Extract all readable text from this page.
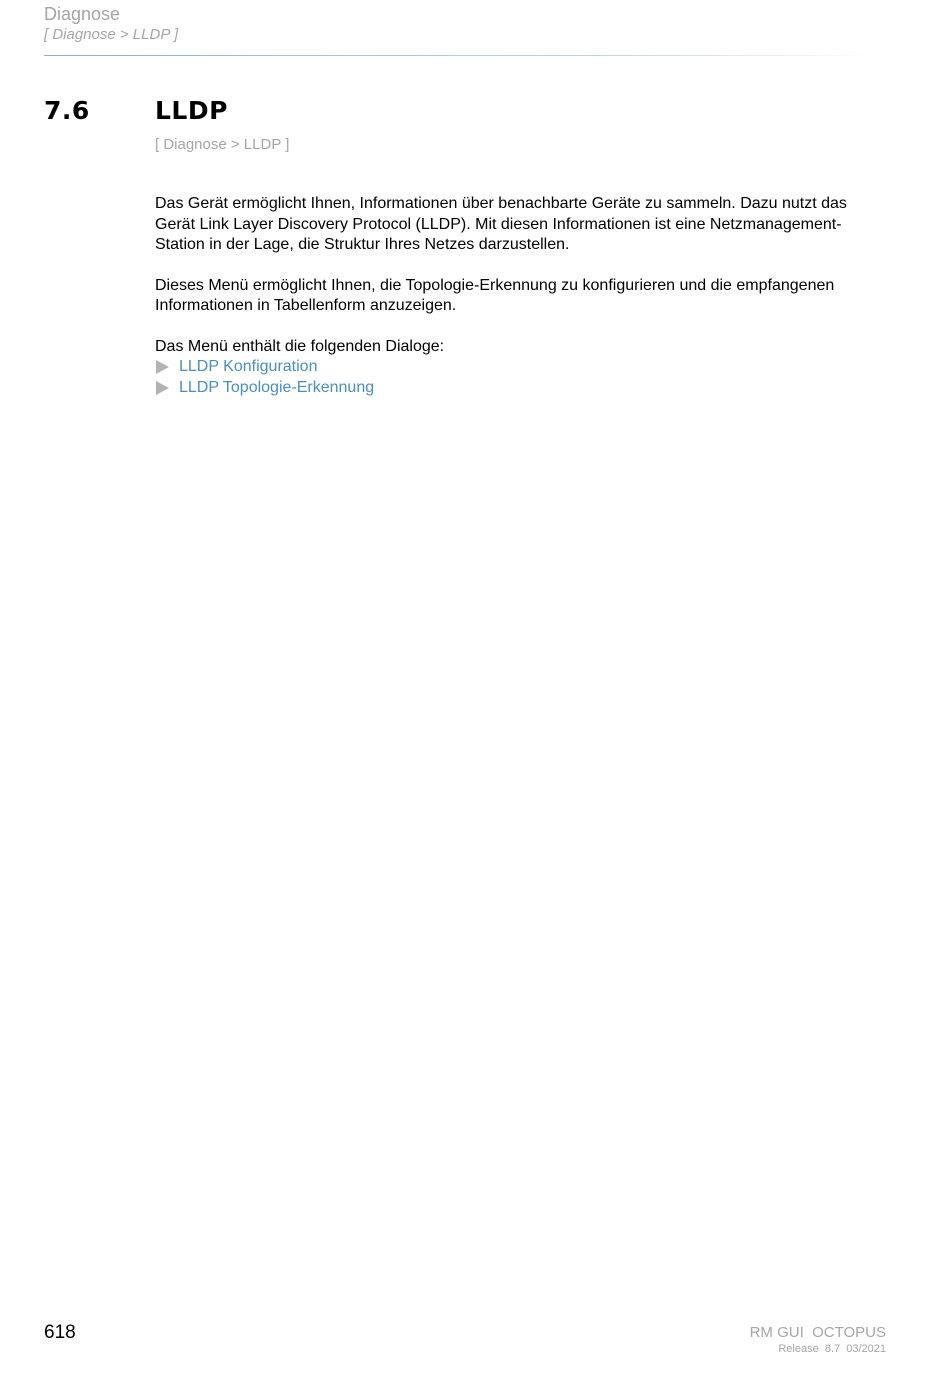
Diagnose
[ Diagnose > LLDP ]
7.6	LLDP
[ Diagnose > LLDP ]

Das Gerät ermöglicht Ihnen, Informationen über benachbarte Geräte zu sammeln. Dazu nutzt das Gerät Link Layer Discovery Protocol (LLDP). Mit diesen Informationen ist eine Netzmanagement-Station in der Lage, die Struktur Ihres Netzes darzustellen.

Dieses Menü ermöglicht Ihnen, die Topologie-Erkennung zu konfigurieren und die empfangenen Informationen in Tabellenform anzuzeigen.

Das Menü enthält die folgenden Dialoge:

LLDP Konfiguration
LLDP Topologie-Erkennung
618	RM GUI  OCTOPUS
Release  8.7  03/2021
